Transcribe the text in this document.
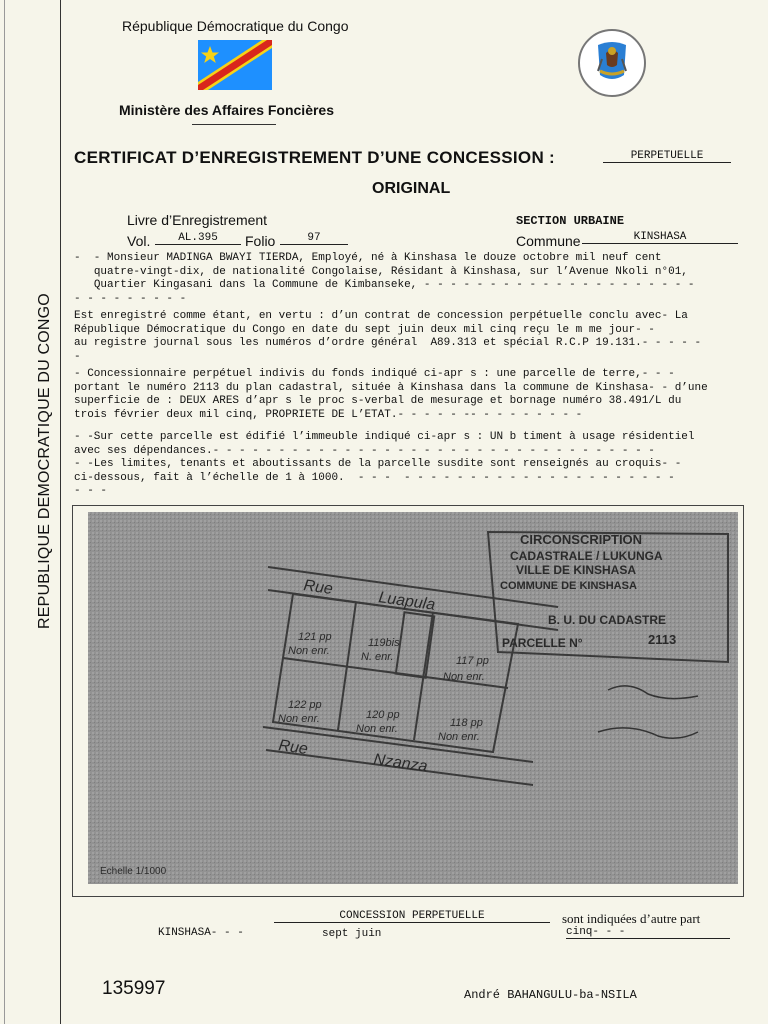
REPUBLIQUE DEMOCRATIQUE DU CONGO
République Démocratique du Congo
Ministère des Affaires Foncières
CERTIFICAT D’ENREGISTREMENT D’UNE CONCESSION :	PERPETUELLE
ORIGINAL
Livre d’Enregistrement
Vol.	AL.395	Folio	97
SECTION URBAINE
Commune	KINSHASA
-  - Monsieur MADINGA BWAYI TIERDA, Employé, né à Kinshasa le douze octobre mil neuf cent
quatre-vingt-dix, de nationalité Congolaise, Résidant à Kinshasa, sur l’Avenue Nkoli n°01,
Quartier Kingasani dans la Commune de Kimbanseke, - - - - - - - - - - - - - - - - - - - - -
- - - - - - - - -
Est enregistré comme étant, en vertu : d’un contrat de concession perpétuelle conclu avec- La
République Démocratique du Congo en date du sept juin deux mil cinq reçu le m me jour- -
au registre journal sous les numéros d’ordre général  A89.313 et spécial R.C.P 19.131.- - - - -
-
- Concessionnaire perpétuel indivis du fonds indiqué ci-apr s : une parcelle de terre,- - -
portant le numéro 2113 du plan cadastral, située à Kinshasa dans la commune de Kinshasa- - d’une
superficie de : DEUX ARES d’apr s le proc s-verbal de mesurage et bornage numéro 38.491/L du
trois février deux mil cinq, PROPRIETE DE L’ETAT.- - - - - -- - - - - - - - -
- -Sur cette parcelle est édifié l’immeuble indiqué ci-apr s : UN b timent à usage résidentiel
avec ses dépendances.- - - - - - - - - - - - - - - - - - - - - - - - - - - - - - - - - -
- -Les limites, tenants et aboutissants de la parcelle susdite sont renseignés au croquis- -
ci-dessous, fait à l’échelle de 1 à 1000.  - - -  - - - - - - - - - - - - - - - - - - - - -
- - -
CIRCONSCRIPTION
CADASTRALE / LUKUNGA
VILLE DE KINSHASA
COMMUNE DE KINSHASA
B. U. DU CADASTRE
PARCELLE N°	2113
Rue
Luapula
Rue
Nzanza
121 pp
Non enr.
119bis
N. enr.	117 pp
Non enr.
122 pp
Non enr.	120 pp
Non enr.	118 pp
Non enr.
Echelle 1/1000
CONCESSION PERPETUELLE	sont indiquées d’autre part
KINSHASA- - -	sept juin	cinq- - -
135997	André BAHANGULU-ba-NSILA
